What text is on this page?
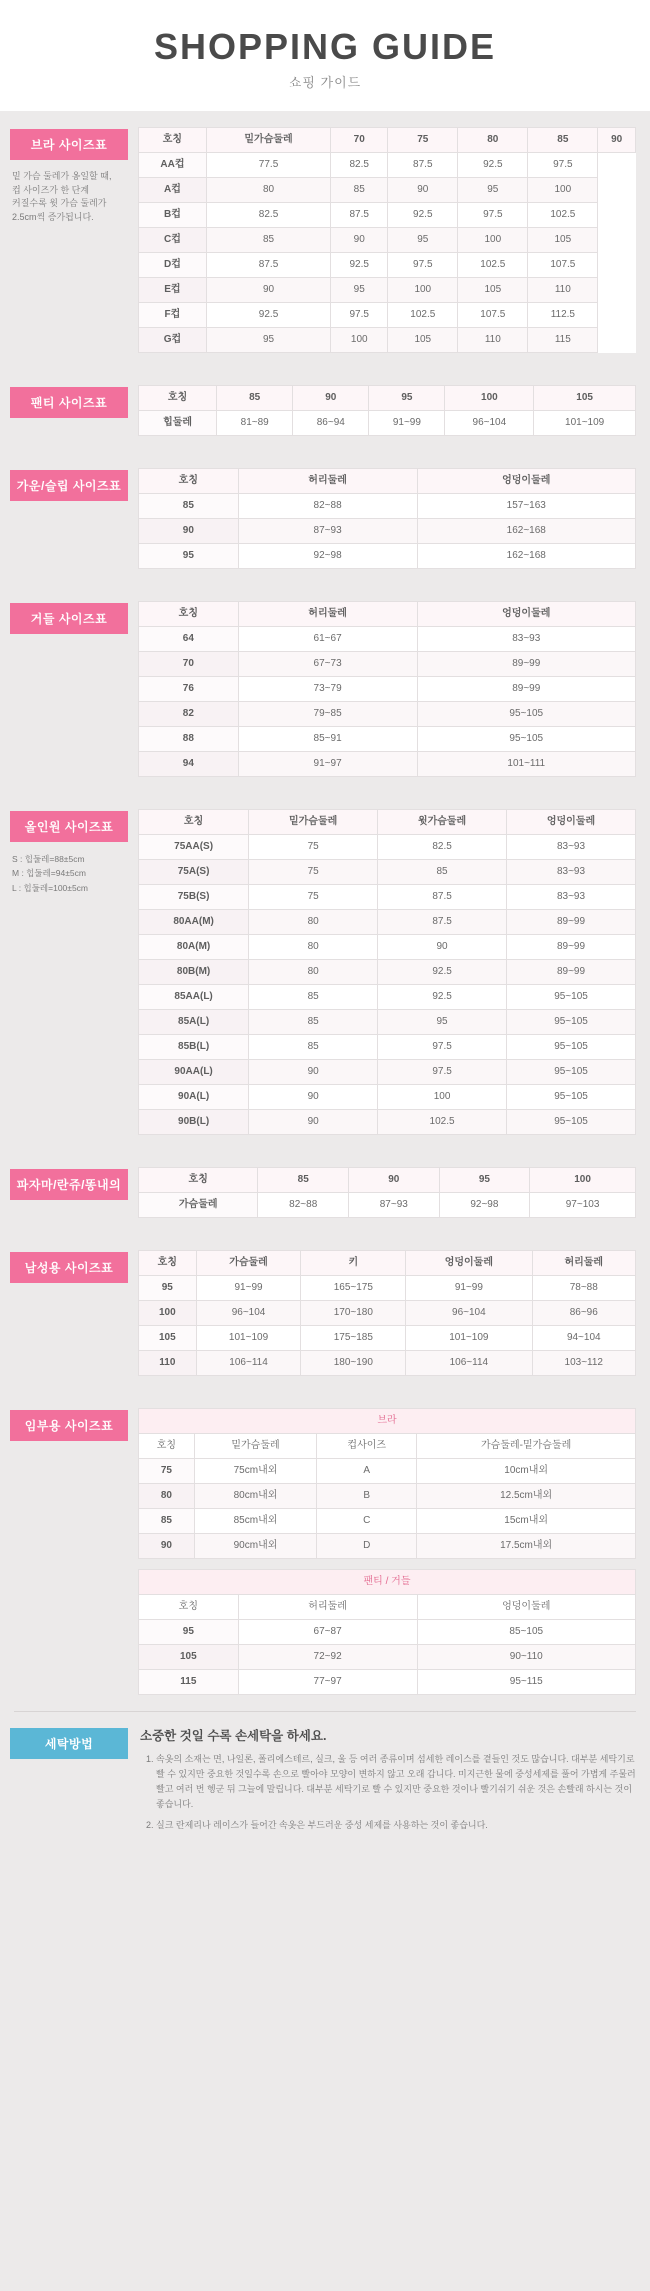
SHOPPING GUIDE
쇼핑 가이드
브라 사이즈표
밑 가슴 둘레가 옹일할 때,
컵 사이즈가 한 단계
커질수록 윗 가슴 둘레가
2.5cm씩 증가됩니다.
호칭	밑가슴둘레	70	75	80	85	90
AA컵	77.5	82.5	87.5	92.5	97.5	
A컵	80	85	90	95	100	
B컵	82.5	87.5	92.5	97.5	102.5	
C컵	85	90	95	100	105	
D컵	87.5	92.5	97.5	102.5	107.5	
E컵	90	95	100	105	110	
F컵	92.5	97.5	102.5	107.5	112.5	
G컵	95	100	105	110	115	
팬티 사이즈표	호칭	85	90	95	100	105
힙둘레	81~89	86~94	91~99	96~104	101~109
가운/슬립 사이즈표	호칭	허리둘레	엉덩이둘레
85	82~88	157~163
90	87~93	162~168
95	92~98	162~168
거들 사이즈표	호칭	허리둘레	엉덩이둘레
64	61~67	83~93
70	67~73	89~99
76	73~79	89~99
82	79~85	95~105
88	85~91	95~105
94	91~97	101~111
올인원 사이즈표
S : 힙둘레=88±5cm
M : 힙둘레=94±5cm
L : 힙둘레=100±5cm
호칭	밑가슴둘레	윗가슴둘레	엉덩이둘레
75AA(S)	75	82.5	83~93
75A(S)	75	85	83~93
75B(S)	75	87.5	83~93
80AA(M)	80	87.5	89~99
80A(M)	80	90	89~99
80B(M)	80	92.5	89~99
85AA(L)	85	92.5	95~105
85A(L)	85	95	95~105
85B(L)	85	97.5	95~105
90AA(L)	90	97.5	95~105
90A(L)	90	100	95~105
90B(L)	90	102.5	95~105
파자마/란쥬/똥내의	호칭	85	90	95	100
가슴둘레	82~88	87~93	92~98	97~103
남성용 사이즈표	호칭	가슴둘레	키	엉덩이둘레	허리둘레
95	91~99	165~175	91~99	78~88
100	96~104	170~180	96~104	86~96
105	101~109	175~185	101~109	94~104
110	106~114	180~190	106~114	103~112
임부용 사이즈표	브라			
호칭	밑가슴둘레	컵사이즈	가슴둘레-밑가슴둘레
75	75cm내외	A	10cm내외
80	80cm내외	B	12.5cm내외
85	85cm내외	C	15cm내외
90	90cm내외	D	17.5cm내외
팬티 / 거들		
호칭	허리둘레	엉덩이둘레
95	67~87	85~105
105	72~92	90~110
115	77~97	95~115
세탁방법
소중한 것일 수록 손세탁을 하세요.
1. 속옷의 소재는 면, 나일론, 폴리에스테르, 실크, 울 등 여러 종류이며 섬세한 레이스를 곁들인 것도 많습니다. 대부분 세탁기로 빨 수 있지만 중요한 것일수록 손으로 빨아야 모양이 변하지 않고 오래 갑니다. 미지근한 물에 중성세제를 풀어 가볍게 주물러 빨고 여러 번 헹군 뒤 그늘에 말립니다. 대부분 세탁기로 빨 수 있지만 중요한 것이나 빨기쉬기 쉬운 것은 손빨래 하시는 것이 좋습니다.
2. 실크 란제리나 레이스가 들어간 속옷은 부드러운 중성 세제를 사용하는 것이 좋습니다.
